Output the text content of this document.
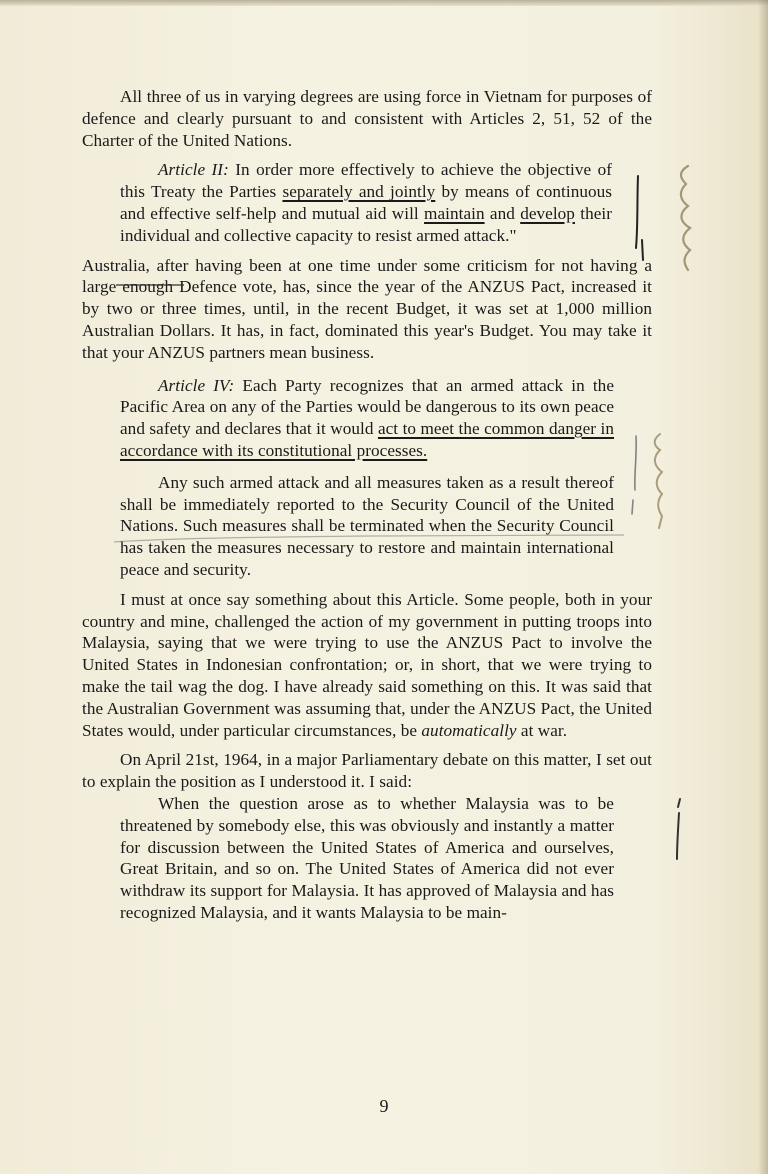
All three of us in varying degrees are using force in Vietnam for purposes of defence and clearly pursuant to and consistent with Articles 2, 51, 52 of the Charter of the United Nations.

Article II: In order more effectively to achieve the objective of this Treaty the Parties separately and jointly by means of continuous and effective self-help and mutual aid will maintain and develop their individual and collective capacity to resist armed attack."

Australia, after having been at one time under some criticism for not having a large enough Defence vote, has, since the year of the ANZUS Pact, increased it by two or three times, until, in the recent Budget, it was set at 1,000 million Australian Dollars. It has, in fact, dominated this year's Budget. You may take it that your ANZUS partners mean business.

Article IV: Each Party recognizes that an armed attack in the Pacific Area on any of the Parties would be dangerous to its own peace and safety and declares that it would act to meet the common danger in accordance with its constitutional processes.

Any such armed attack and all measures taken as a result thereof shall be immediately reported to the Security Council of the United Nations. Such measures shall be terminated when the Security Council has taken the measures necessary to restore and maintain international peace and security.

I must at once say something about this Article. Some people, both in your country and mine, challenged the action of my government in putting troops into Malaysia, saying that we were trying to use the ANZUS Pact to involve the United States in Indonesian confrontation; or, in short, that we were trying to make the tail wag the dog. I have already said something on this. It was said that the Australian Government was assuming that, under the ANZUS Pact, the United States would, under particular circumstances, be automatically at war.

On April 21st, 1964, in a major Parliamentary debate on this matter, I set out to explain the position as I understood it. I said:

When the question arose as to whether Malaysia was to be threatened by somebody else, this was obviously and instantly a matter for discussion between the United States of America and ourselves, Great Britain, and so on. The United States of America did not ever withdraw its support for Malaysia. It has approved of Malaysia and has recognized Malaysia, and it wants Malaysia to be main-

9
